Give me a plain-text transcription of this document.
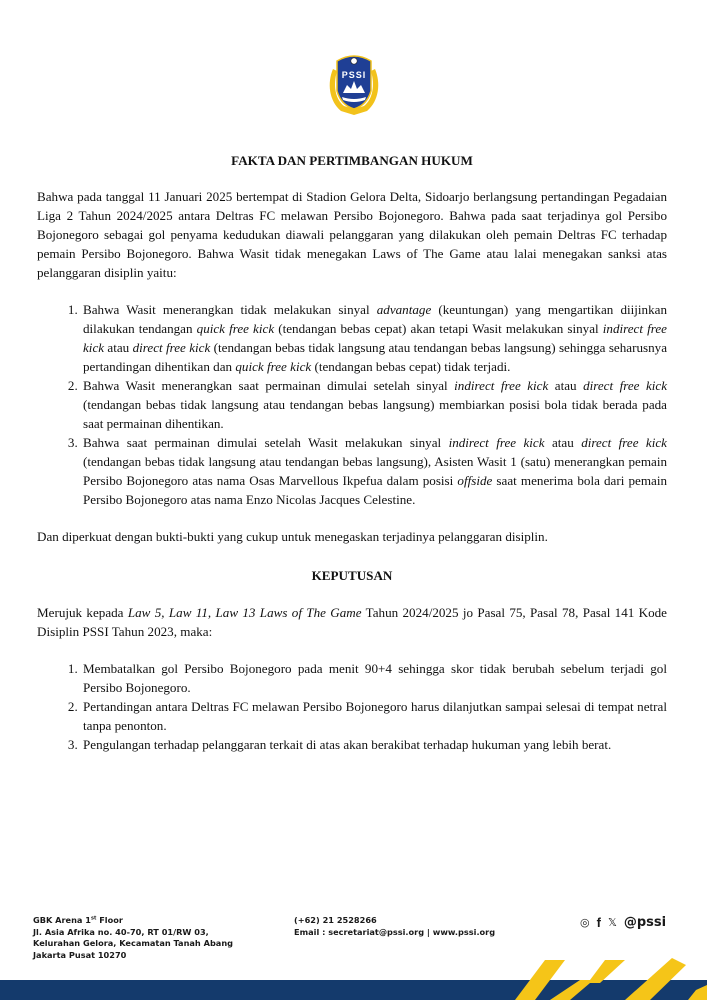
PSSI
FAKTA DAN PERTIMBANGAN HUKUM

Bahwa pada tanggal 11 Januari 2025 bertempat di Stadion Gelora Delta, Sidoarjo berlangsung pertandingan Pegadaian Liga 2 Tahun 2024/2025 antara Deltras FC melawan Persibo Bojonegoro. Bahwa pada saat terjadinya gol Persibo Bojonegoro sebagai gol penyama kedudukan diawali pelanggaran yang dilakukan oleh pemain Deltras FC terhadap pemain Persibo Bojonegoro. Bahwa Wasit tidak menegakan Laws of The Game atau lalai menegakan sanksi atas pelanggaran disiplin yaitu:

1. Bahwa Wasit menerangkan tidak melakukan sinyal advantage (keuntungan) yang mengartikan diijinkan dilakukan tendangan quick free kick (tendangan bebas cepat) akan tetapi Wasit melakukan sinyal indirect free kick atau direct free kick (tendangan bebas tidak langsung atau tendangan bebas langsung) sehingga seharusnya pertandingan dihentikan dan quick free kick (tendangan bebas cepat) tidak terjadi.
2. Bahwa Wasit menerangkan saat permainan dimulai setelah sinyal indirect free kick atau direct free kick (tendangan bebas tidak langsung atau tendangan bebas langsung) membiarkan posisi bola tidak berada pada saat permainan dihentikan.
3. Bahwa saat permainan dimulai setelah Wasit melakukan sinyal indirect free kick atau direct free kick (tendangan bebas tidak langsung atau tendangan bebas langsung), Asisten Wasit 1 (satu) menerangkan pemain Persibo Bojonegoro atas nama Osas Marvellous Ikpefua dalam posisi offside saat menerima bola dari pemain Persibo Bojonegoro atas nama Enzo Nicolas Jacques Celestine.

Dan diperkuat dengan bukti-bukti yang cukup untuk menegaskan terjadinya pelanggaran disiplin.

KEPUTUSAN

Merujuk kepada Law 5, Law 11, Law 13 Laws of The Game Tahun 2024/2025 jo Pasal 75, Pasal 78, Pasal 141 Kode Disiplin PSSI Tahun 2023, maka:

1. Membatalkan gol Persibo Bojonegoro pada menit 90+4 sehingga skor tidak berubah sebelum terjadi gol Persibo Bojonegoro.
2. Pertandingan antara Deltras FC melawan Persibo Bojonegoro harus dilanjutkan sampai selesai di tempat netral tanpa penonton.
3. Pengulangan terhadap pelanggaran terkait di atas akan berakibat terhadap hukuman yang lebih berat.
GBK Arena 1st Floor
Jl. Asia Afrika no. 40-70, RT 01/RW 03,
Kelurahan Gelora, Kecamatan Tanah Abang
Jakarta Pusat 10270
(+62) 21 2528266
Email : secretariat@pssi.org | www.pssi.org
◎ f 𝕏 @pssi
